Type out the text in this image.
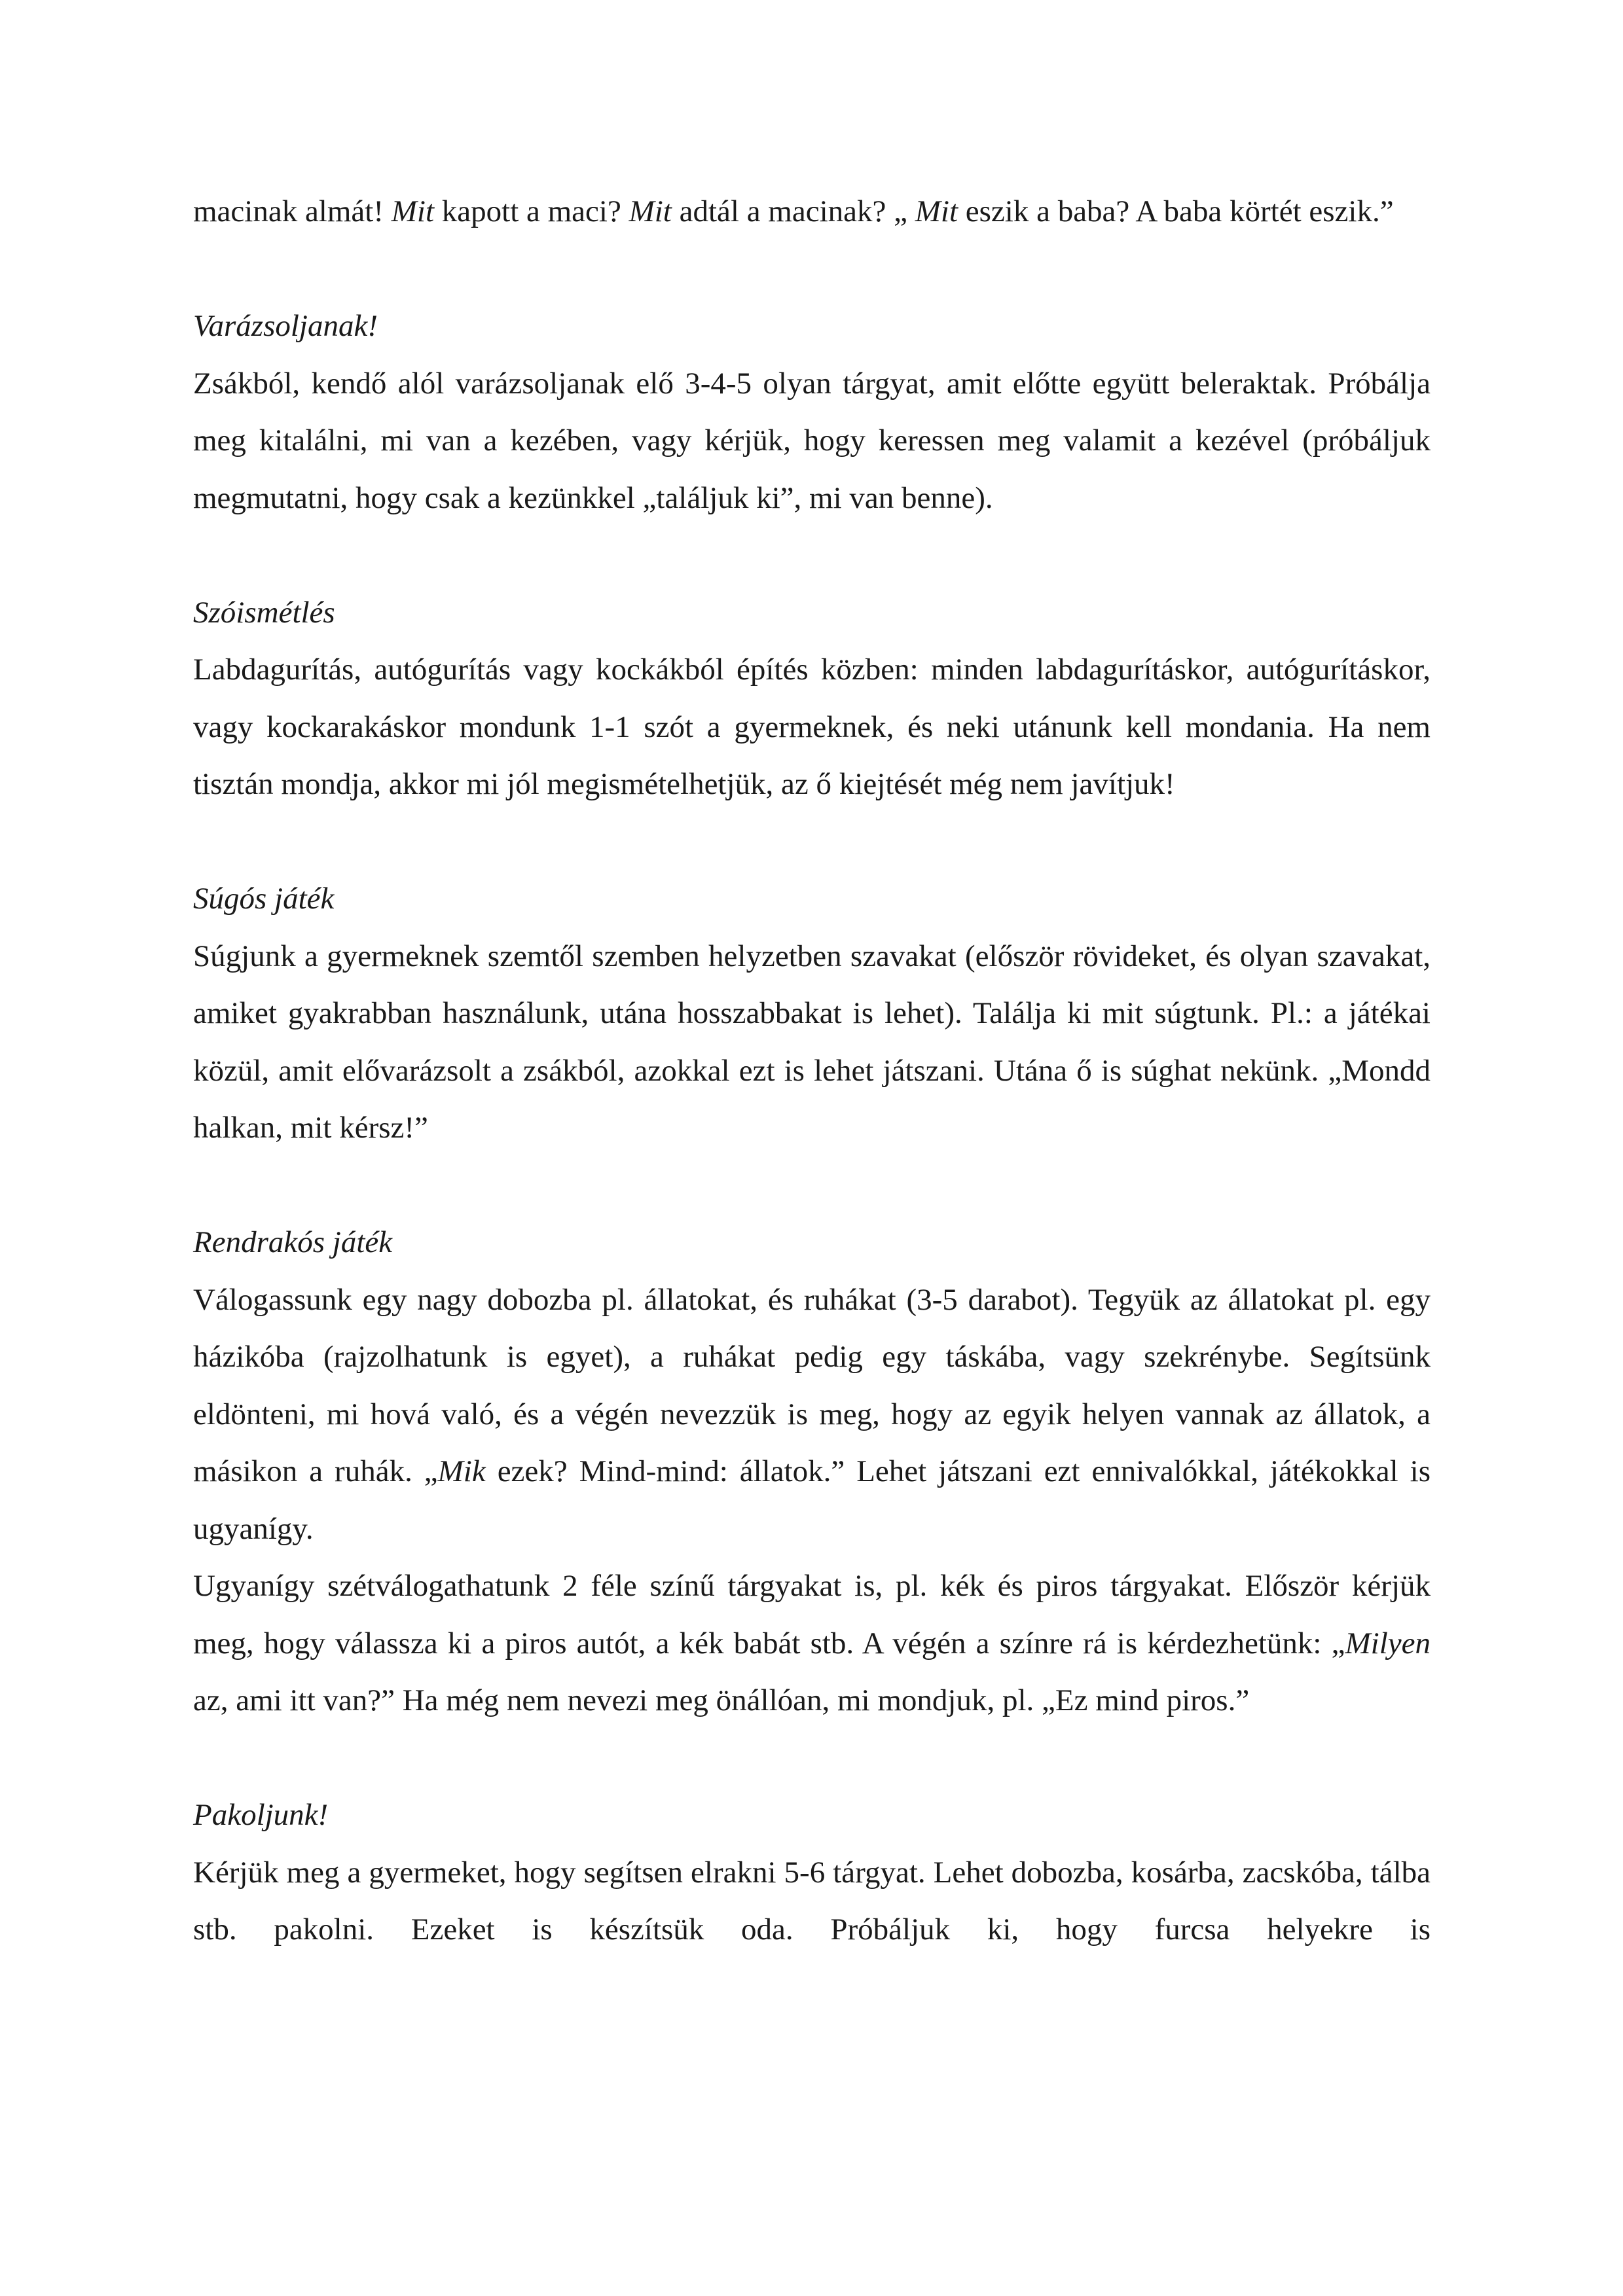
macinak almát! Mit kapott a maci? Mit adtál a macinak? „ Mit eszik a baba? A baba körtét eszik.”

Varázsoljanak!

Zsákból, kendő alól varázsoljanak elő 3-4-5 olyan tárgyat, amit előtte együtt beleraktak. Próbálja meg kitalálni, mi van a kezében, vagy kérjük, hogy keressen meg valamit a kezével (próbáljuk megmutatni, hogy csak a kezünkkel „találjuk ki”, mi van benne).

Szóismétlés

Labdagurítás, autógurítás vagy kockákból építés közben: minden labdagurításkor, autógurításkor, vagy kockarakáskor mondunk 1-1 szót a gyermeknek, és neki utánunk kell mondania. Ha nem tisztán mondja, akkor mi jól megismételhetjük, az ő kiejtését még nem javítjuk!

Súgós játék

Súgjunk a gyermeknek szemtől szemben helyzetben szavakat (először rövideket, és olyan szavakat, amiket gyakrabban használunk, utána hosszabbakat is lehet). Találja ki mit súgtunk. Pl.: a játékai közül, amit elővarázsolt a zsákból, azokkal ezt is lehet játszani. Utána ő is súghat nekünk. „Mondd halkan, mit kérsz!”

Rendrakós játék

Válogassunk egy nagy dobozba pl. állatokat, és ruhákat (3-5 darabot). Tegyük az állatokat pl. egy házikóba (rajzolhatunk is egyet), a ruhákat pedig egy táskába, vagy szekrénybe. Segítsünk eldönteni, mi hová való, és a végén nevezzük is meg, hogy az egyik helyen vannak az állatok, a másikon a ruhák. „Mik ezek? Mind-mind: állatok.” Lehet játszani ezt ennivalókkal, játékokkal is ugyanígy.

Ugyanígy szétválogathatunk 2 féle színű tárgyakat is, pl. kék és piros tárgyakat. Először kérjük meg, hogy válassza ki a piros autót, a kék babát stb. A végén a színre rá is kérdezhetünk: „Milyen az, ami itt van?” Ha még nem nevezi meg önállóan, mi mondjuk, pl. „Ez mind piros.”

Pakoljunk!

Kérjük meg a gyermeket, hogy segítsen elrakni 5-6 tárgyat. Lehet dobozba, kosárba, zacskóba, tálba stb. pakolni. Ezeket is készítsük oda. Próbáljuk ki, hogy furcsa helyekre is
